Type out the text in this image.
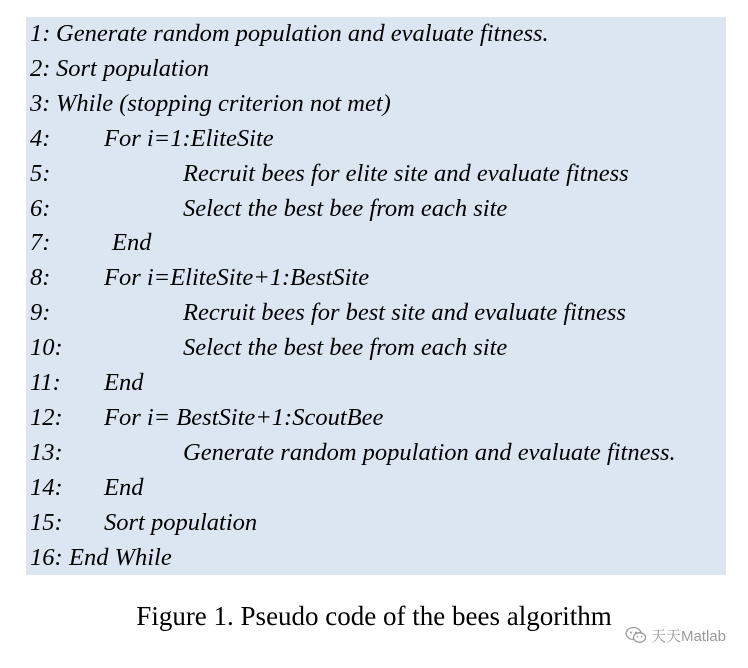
1: Generate random population and evaluate fitness.
2: Sort population
3: While (stopping criterion not met)
4: For i=1:EliteSite
5:	Recruit bees for elite site and evaluate fitness
6:	Select the best bee from each site
7:	End
8: For i=EliteSite+1:BestSite
9:	Recruit bees for best site and evaluate fitness
10:	Select the best bee from each site
11: End
12: For i= BestSite+1:ScoutBee
13:	Generate random population and evaluate fitness.
14: End
15: Sort population
16: End While
Figure 1. Pseudo code of the bees algorithm
天天Matlab
